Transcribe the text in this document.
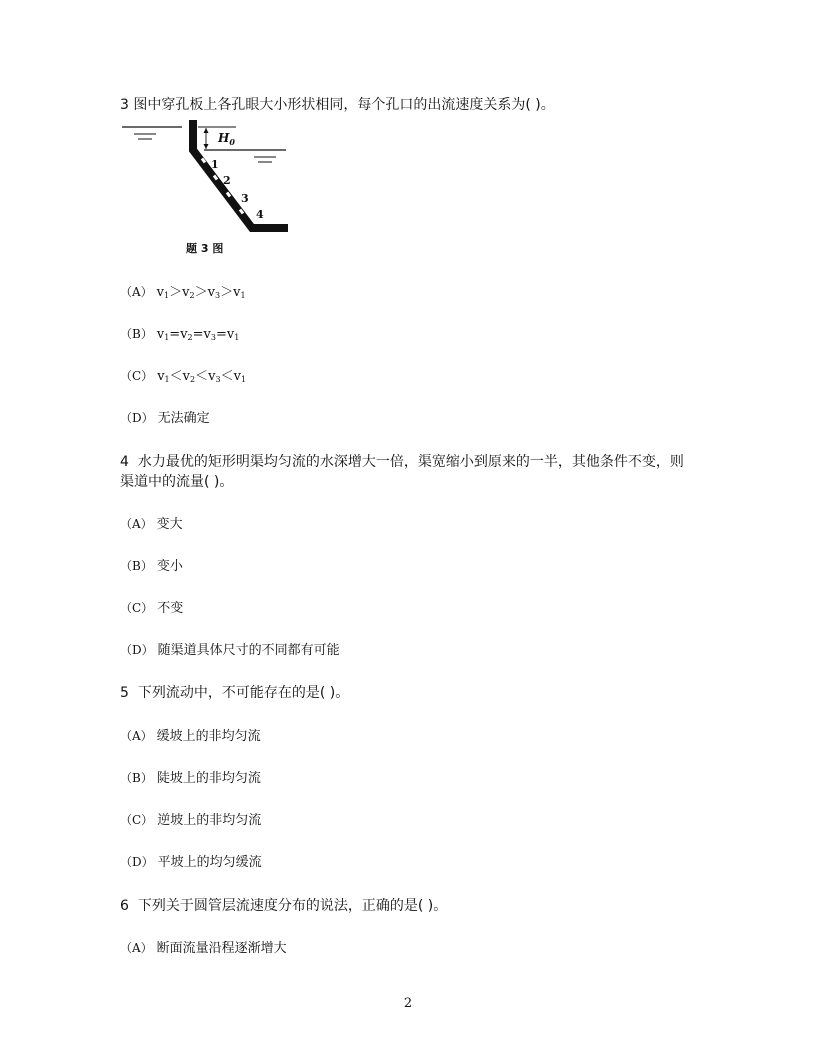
3 图中穿孔板上各孔眼大小形状相同，每个孔口的出流速度关系为( )。
$H_0$
1
2
3
4
题 3 图
（A） $v_1>v_2>v_3>v_1$
（B） $v_1=v_2=v_3=v_1$
（C） $v_1<v_2<v_3<v_1$
（D） 无法确定
4 水力最优的矩形明渠均匀流的水深增大一倍，渠宽缩小到原来的一半，其他条件不变，则
渠道中的流量( )。
（A） 变大
（B） 变小
（C） 不变
（D） 随渠道具体尺寸的不同都有可能
5 下列流动中，不可能存在的是( )。
（A） 缓坡上的非均匀流
（B） 陡坡上的非均匀流
（C） 逆坡上的非均匀流
（D） 平坡上的均匀缓流
6 下列关于圆管层流速度分布的说法，正确的是( )。
（A） 断面流量沿程逐渐增大
2
